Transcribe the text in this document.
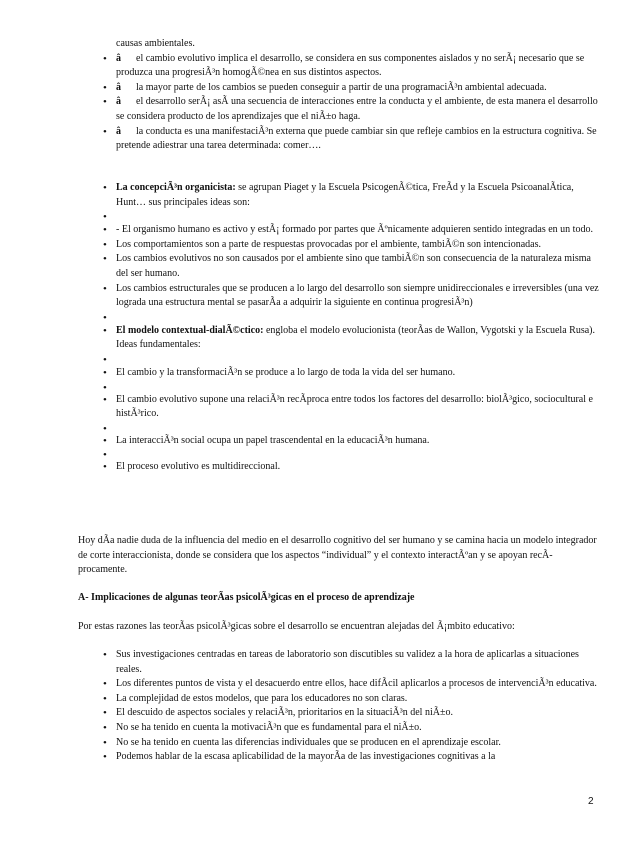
causas ambientales.
• â el cambio evolutivo implica el desarrollo, se considera en sus componentes aislados y no serÃ¡ necesario que se produzca una progresiÃ³n homogÃ©nea en sus distintos aspectos.
• â la mayor parte de los cambios se pueden conseguir a partir de una programaciÃ³n ambiental adecuada.
• â el desarrollo serÃ¡ asÃ una secuencia de interacciones entre la conducta y el ambiente, de esta manera el desarrollo se considera producto de los aprendizajes que el niÃ±o haga.
• â la conducta es una manifestaciÃ³n externa que puede cambiar sin que refleje cambios en la estructura cognitiva. Se pretende adiestrar una tarea determinada: comer….
• La concepciÃ³n organicista: se agrupan Piaget y la Escuela PsicogenÃ©tica, FreÃd y la Escuela PsicoanalÃtica, Hunt… sus principales ideas son:
•
• - El organismo humano es activo y estÃ¡ formado por partes que Ãºnicamente adquieren sentido integradas en un todo.
• Los comportamientos son a parte de respuestas provocadas por el ambiente, tambiÃ©n son intencionadas.
• Los cambios evolutivos no son causados por el ambiente sino que tambiÃ©n son consecuencia de la naturaleza misma del ser humano.
• Los cambios estructurales que se producen a lo largo del desarrollo son siempre unidireccionales e irreversibles (una vez lograda una estructura mental se pasarÃa a adquirir la siguiente en continua progresiÃ³n)
•
• El modelo contextual-dialÃ©ctico: engloba el modelo evolucionista (teorÃas de Wallon, Vygotski y la Escuela Rusa). Ideas fundamentales:
•
• El cambio y la transformaciÃ³n se produce a lo largo de toda la vida del ser humano.
•
• El cambio evolutivo supone una relaciÃ³n recÃproca entre todos los factores del desarrollo: biolÃ³gico, sociocultural e histÃ³rico.
•
• La interacciÃ³n social ocupa un papel trascendental en la educaciÃ³n humana.
•
• El proceso evolutivo es multidireccional.

Hoy dÃa nadie duda de la influencia del medio en el desarrollo cognitivo del ser humano y se camina hacia un modelo integrador de corte interaccionista, donde se considera que los aspectos “individual” y el contexto interactÃºan y se apoyan recÃprocamente.

A- Implicaciones de algunas teorÃas psicolÃ³gicas en el proceso de aprendizaje

Por estas razones las teorÃas psicolÃ³gicas sobre el desarrollo se encuentran alejadas del Ã¡mbito educativo:

• Sus investigaciones centradas en tareas de laboratorio son discutibles su validez a la hora de aplicarlas a situaciones reales.
• Los diferentes puntos de vista y el desacuerdo entre ellos, hace difÃcil aplicarlos a procesos de intervenciÃ³n educativa.
• La complejidad de estos modelos, que para los educadores no son claras.
• El descuido de aspectos sociales y relaciÃ³n, prioritarios en la situaciÃ³n del niÃ±o.
• No se ha tenido en cuenta la motivaciÃ³n que es fundamental para el niÃ±o.
• No se ha tenido en cuenta las diferencias individuales que se producen en el aprendizaje escolar.
• Podemos hablar de la escasa aplicabilidad de la mayorÃa de las investigaciones cognitivas a la
2
